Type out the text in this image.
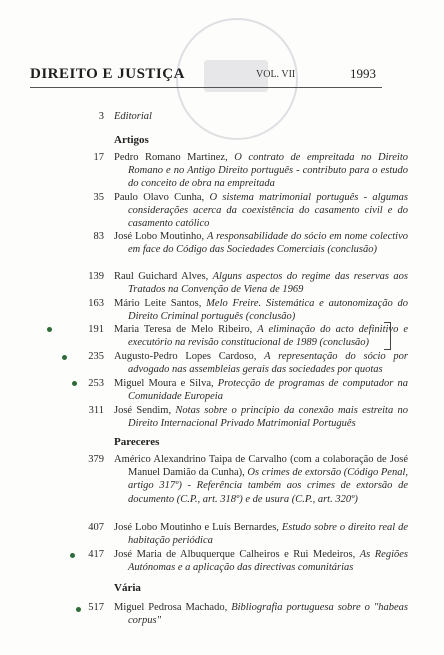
DIREITO E JUSTIÇA	VOL. VII	1993
3 Editorial
Artigos
17 Pedro Romano Martinez, O contrato de empreitada no Direito Romano e no Antigo Direito português - contributo para o estudo do conceito de obra na empreitada
35 Paulo Olavo Cunha, O sistema matrimonial português - algumas considerações acerca da coexistência do casamento civil e do casamento católico
83 José Lobo Moutinho, A responsabilidade do sócio em nome colectivo em face do Código das Sociedades Comerciais (conclusão)
139 Raul Guichard Alves, Alguns aspectos do regime das reservas aos Tratados na Convenção de Viena de 1969
163 Mário Leite Santos, Melo Freire. Sistemática e autonomização do Direito Criminal português (conclusão)
191 Maria Teresa de Melo Ribeiro, A eliminação do acto definitivo e executório na revisão constitucional de 1989 (conclusão)
235 Augusto-Pedro Lopes Cardoso, A representação do sócio por advogado nas assembleias gerais das sociedades por quotas
253 Miguel Moura e Silva, Protecção de programas de computador na Comunidade Europeia
311 José Sendim, Notas sobre o princípio da conexão mais estreita no Direito Internacional Privado Matrimonial Português
Pareceres
379 Américo Alexandrino Taipa de Carvalho (com a colaboração de José Manuel Damião da Cunha), Os crimes de extorsão (Código Penal, artigo 317º) - Referência também aos crimes de extorsão de documento (C.P., art. 318º) e de usura (C.P., art. 320º)
407 José Lobo Moutinho e Luís Bernardes, Estudo sobre o direito real de habitação periódica
417 José Maria de Albuquerque Calheiros e Rui Medeiros, As Regiões Autónomas e a aplicação das directivas comunitárias
Vária
517 Miguel Pedrosa Machado, Bibliografia portuguesa sobre o "habeas corpus"
